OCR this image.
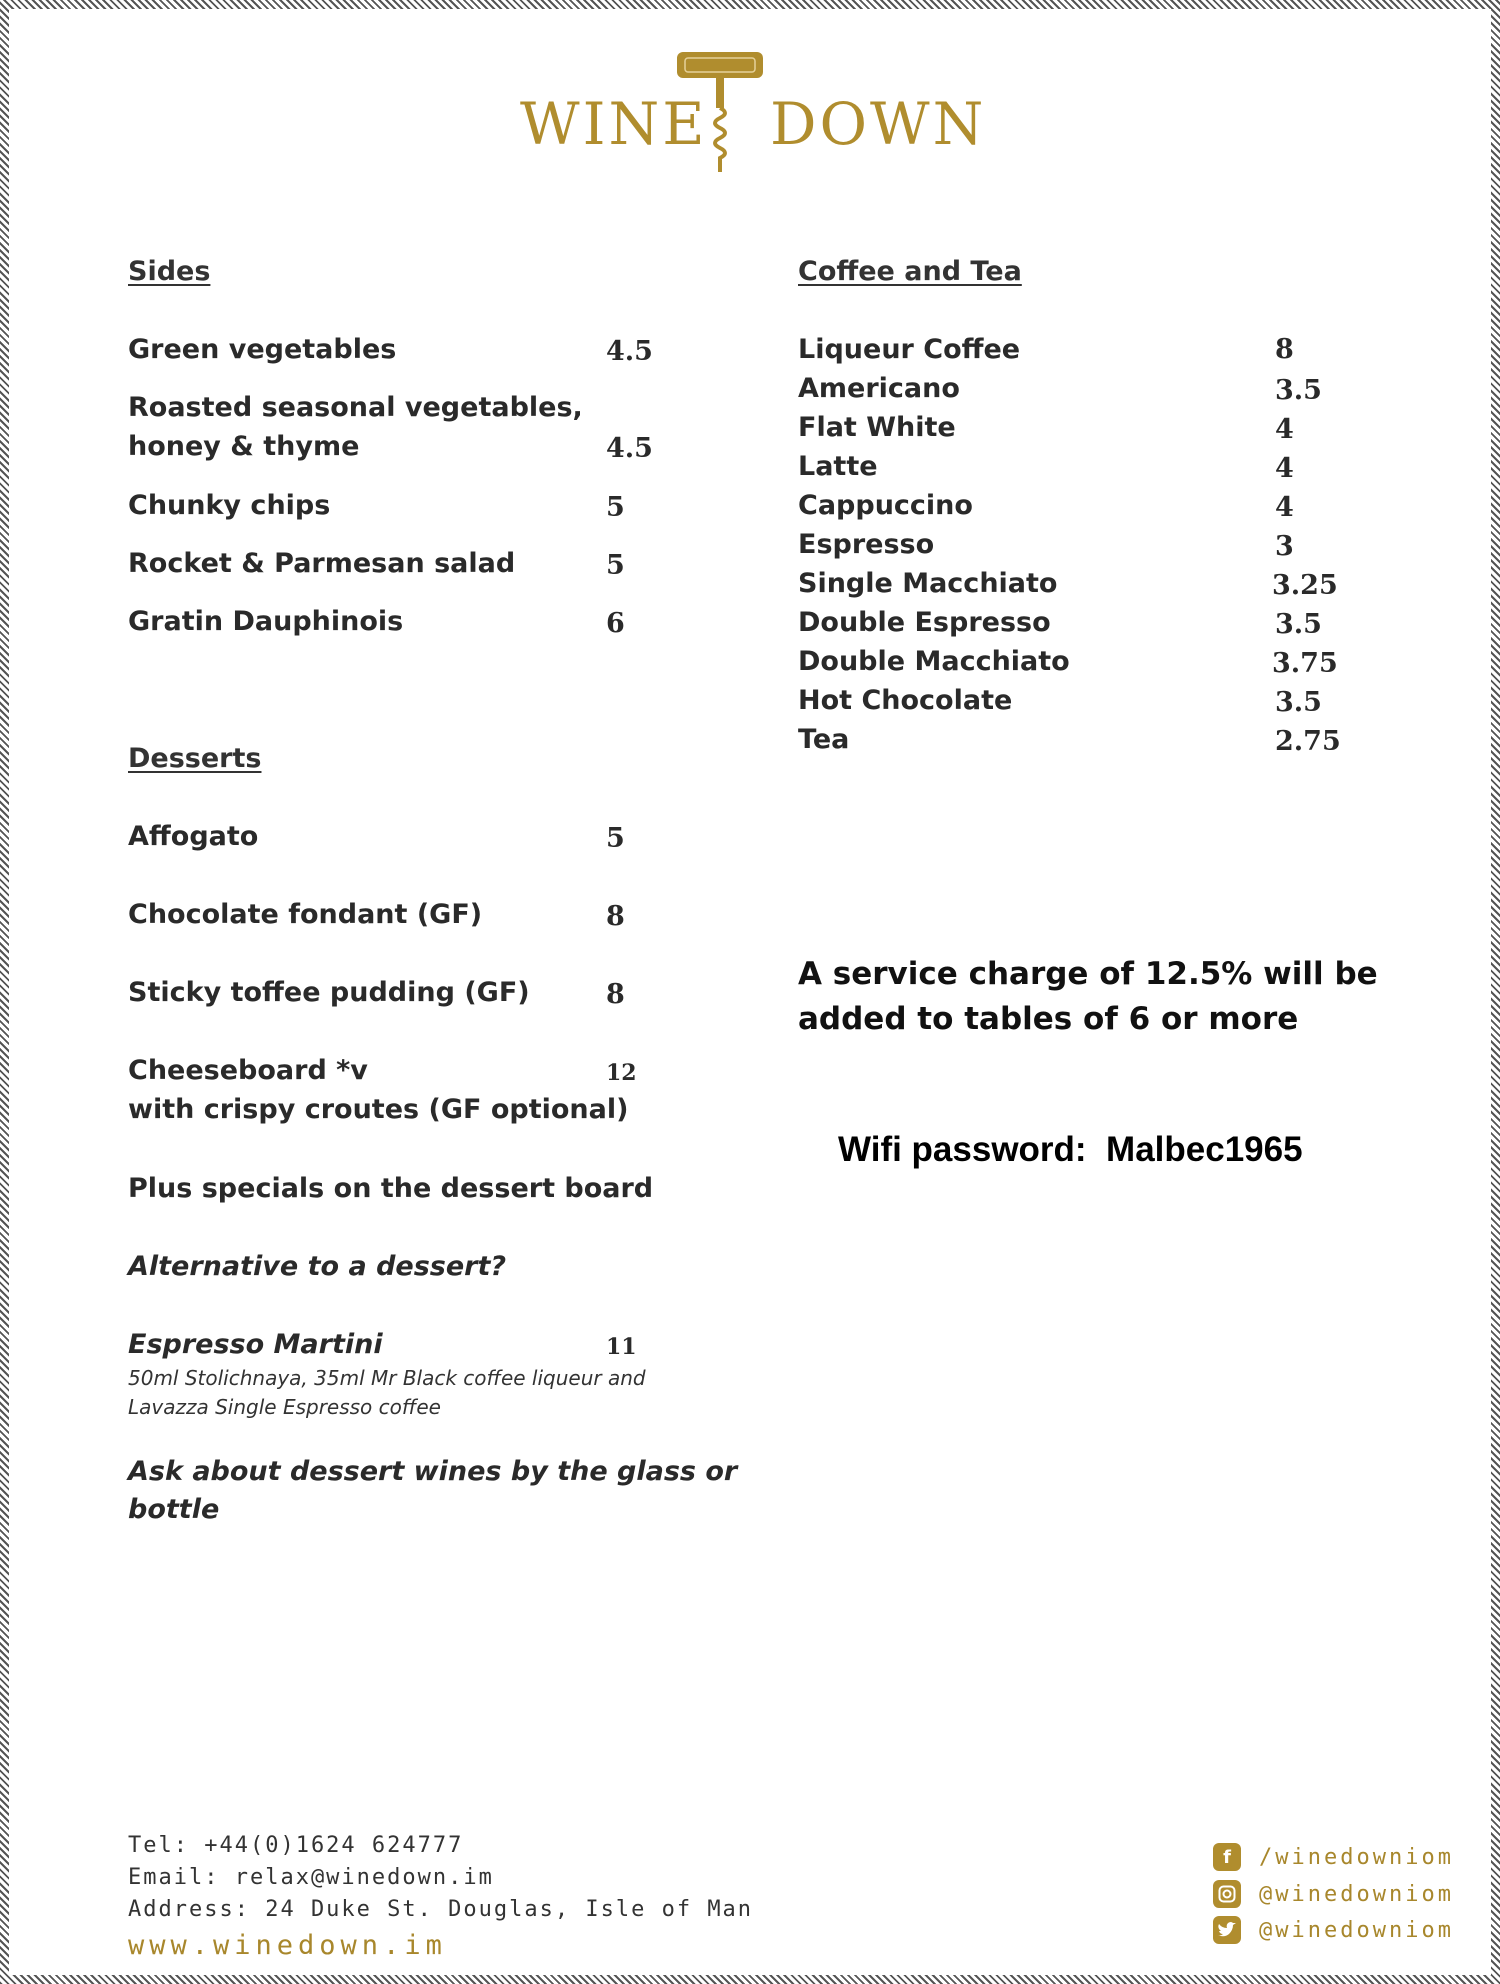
WINE DOWN
Sides
Green vegetables	4.5
Roasted seasonal vegetables,
honey & thyme	4.5
Chunky chips	5
Rocket & Parmesan salad	5
Gratin Dauphinois	6
Desserts
Affogato	5
Chocolate fondant (GF)	8
Sticky toffee pudding (GF)	8
Cheeseboard *v	12
with crispy croutes (GF optional)
Plus specials on the dessert board
Alternative to a dessert?
Espresso Martini	11
50ml Stolichnaya, 35ml Mr Black coffee liqueur and
Lavazza Single Espresso coffee
Ask about dessert wines by the glass or
bottle
Coffee and Tea
Liqueur Coffee	8
Americano	3.5
Flat White	4
Latte	4
Cappuccino	4
Espresso	3
Single Macchiato	3.25
Double Espresso	3.5
Double Macchiato	3.75
Hot Chocolate	3.5
Tea	2.75
A service charge of 12.5% will be
added to tables of 6 or more
Wifi password: Malbec1965
Tel: +44(0)1624 624777
Email: relax@winedown.im
Address: 24 Duke St. Douglas, Isle of Man
www.winedown.im
f	/winedowniom
@winedowniom
@winedowniom
